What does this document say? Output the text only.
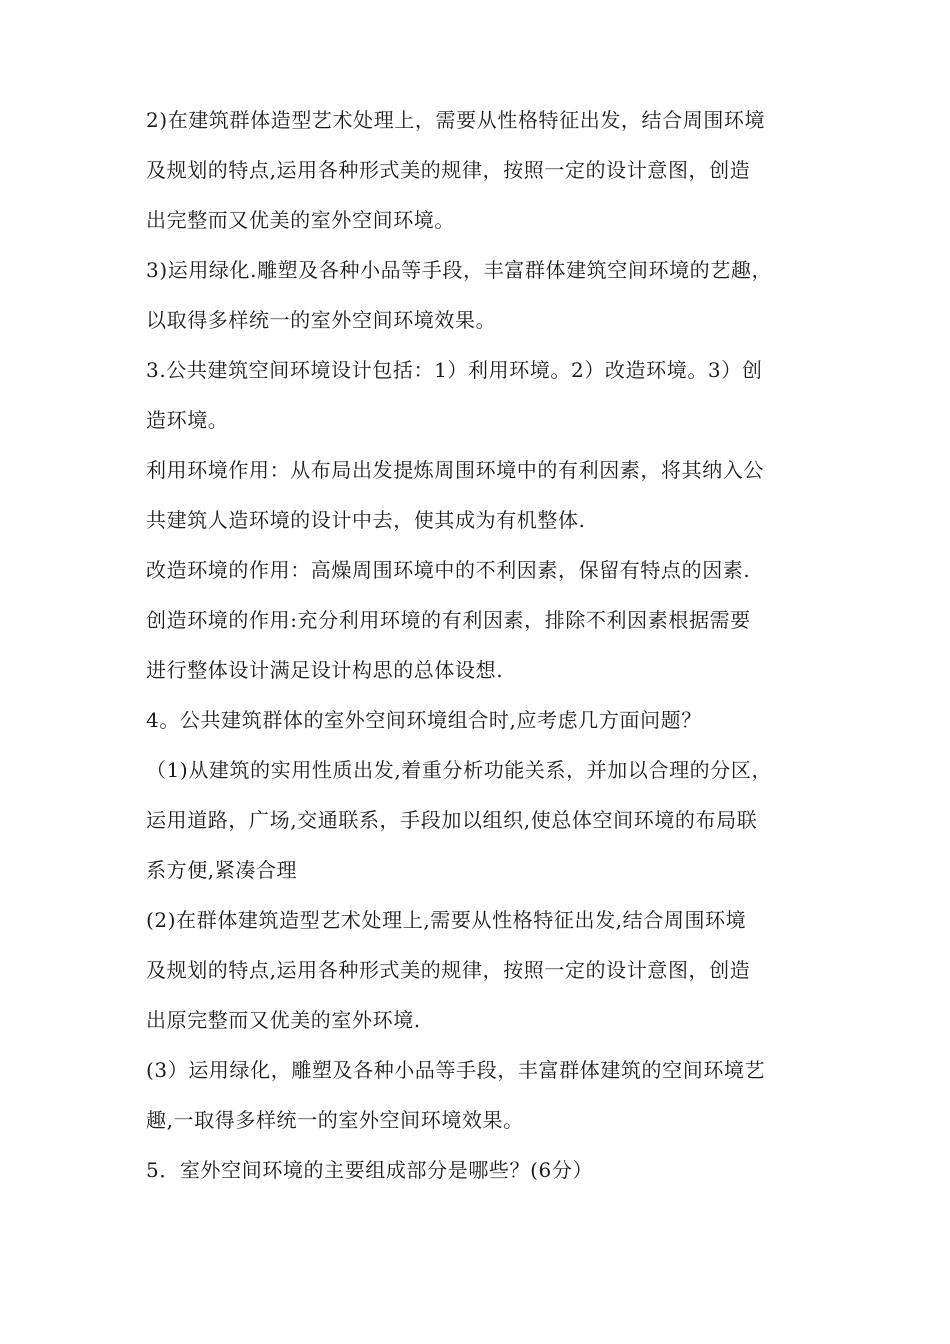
2)在建筑群体造型艺术处理上，需要从性格特征出发，结合周围环境
及规划的特点,运用各种形式美的规律，按照一定的设计意图，创造
出完整而又优美的室外空间环境。
3)运用绿化.雕塑及各种小品等手段，丰富群体建筑空间环境的艺趣，
以取得多样统一的室外空间环境效果。
3.公共建筑空间环境设计包括：1）利用环境。2）改造环境。3）创
造环境。
利用环境作用：从布局出发提炼周围环境中的有利因素，将其纳入公
共建筑人造环境的设计中去，使其成为有机整体.
改造环境的作用：高燥周围环境中的不利因素，保留有特点的因素.
创造环境的作用:充分利用环境的有利因素，排除不利因素根据需要
进行整体设计满足设计构思的总体设想.
4。公共建筑群体的室外空间环境组合时,应考虑几方面问题？
（1)从建筑的实用性质出发,着重分析功能关系，并加以合理的分区，
运用道路，广场,交通联系，手段加以组织,使总体空间环境的布局联
系方便,紧凑合理
(2)在群体建筑造型艺术处理上,需要从性格特征出发,结合周围环境
及规划的特点,运用各种形式美的规律，按照一定的设计意图，创造
出原完整而又优美的室外环境.
(3）运用绿化，雕塑及各种小品等手段，丰富群体建筑的空间环境艺
趣,一取得多样统一的室外空间环境效果。
5．室外空间环境的主要组成部分是哪些？(6分）
